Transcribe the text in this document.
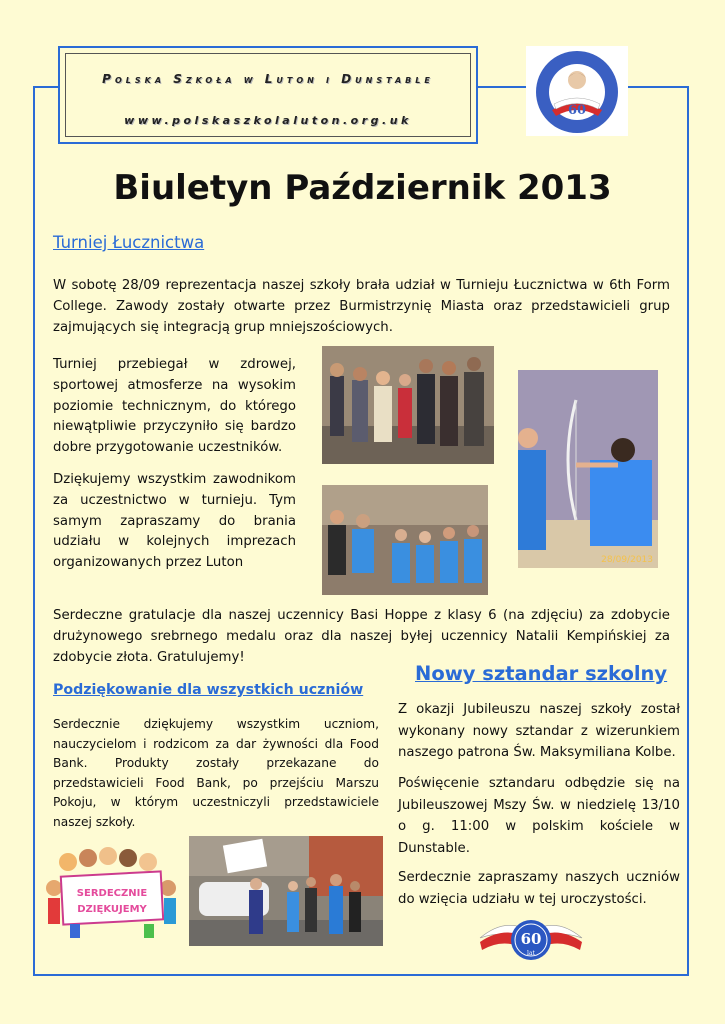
Polska Szkoła w Luton i Dunstable
www.polskaszkolaluton.org.uk
60
Biuletyn Październik 2013
Turniej Łucznictwa
W sobotę 28/09 reprezentacja naszej szkoły brała udział w Turnieju Łucznictwa w 6th Form College. Zawody zostały otwarte przez Burmistrzynię Miasta oraz przedstawicieli grup zajmujących się integracją grup mniejszościowych.
Turniej przebiegał w zdrowej, sportowej atmosferze na wysokim poziomie technicznym, do którego niewątpliwie przyczyniło się bardzo dobre przygotowanie uczestników.
Dziękujemy wszystkim zawodnikom za uczestnictwo w turnieju. Tym samym zapraszamy do brania udziału w kolejnych imprezach organizowanych przez Luton	28/09/2013
Serdeczne gratulacje dla naszej uczennicy Basi Hoppe z klasy 6 (na zdjęciu) za zdobycie drużynowego srebrnego medalu oraz dla naszej byłej uczennicy Natalii Kempińskiej za zdobycie złota. Gratulujemy!
Podziękowanie dla wszystkich uczniów
Serdecznie dziękujemy wszystkim uczniom, nauczycielom i rodzicom za dar żywności dla Food Bank. Produkty zostały przekazane do przedstawicieli Food Bank, po przejściu Marszu Pokoju, w którym uczestniczyli przedstawiciele naszej szkoły.
SERDECZNIE
DZIĘKUJEMY
Nowy sztandar szkolny
Z okazji Jubileuszu naszej szkoły został wykonany nowy sztandar z wizerunkiem naszego patrona Św. Maksymiliana Kolbe.
Poświęcenie sztandaru odbędzie się na Jubileuszowej Mszy Św. w niedzielę 13/10 o g. 11:00 w polskim kościele w Dunstable.
Serdecznie zapraszamy naszych uczniów do wzięcia udziału w tej uroczystości.
60
lat
